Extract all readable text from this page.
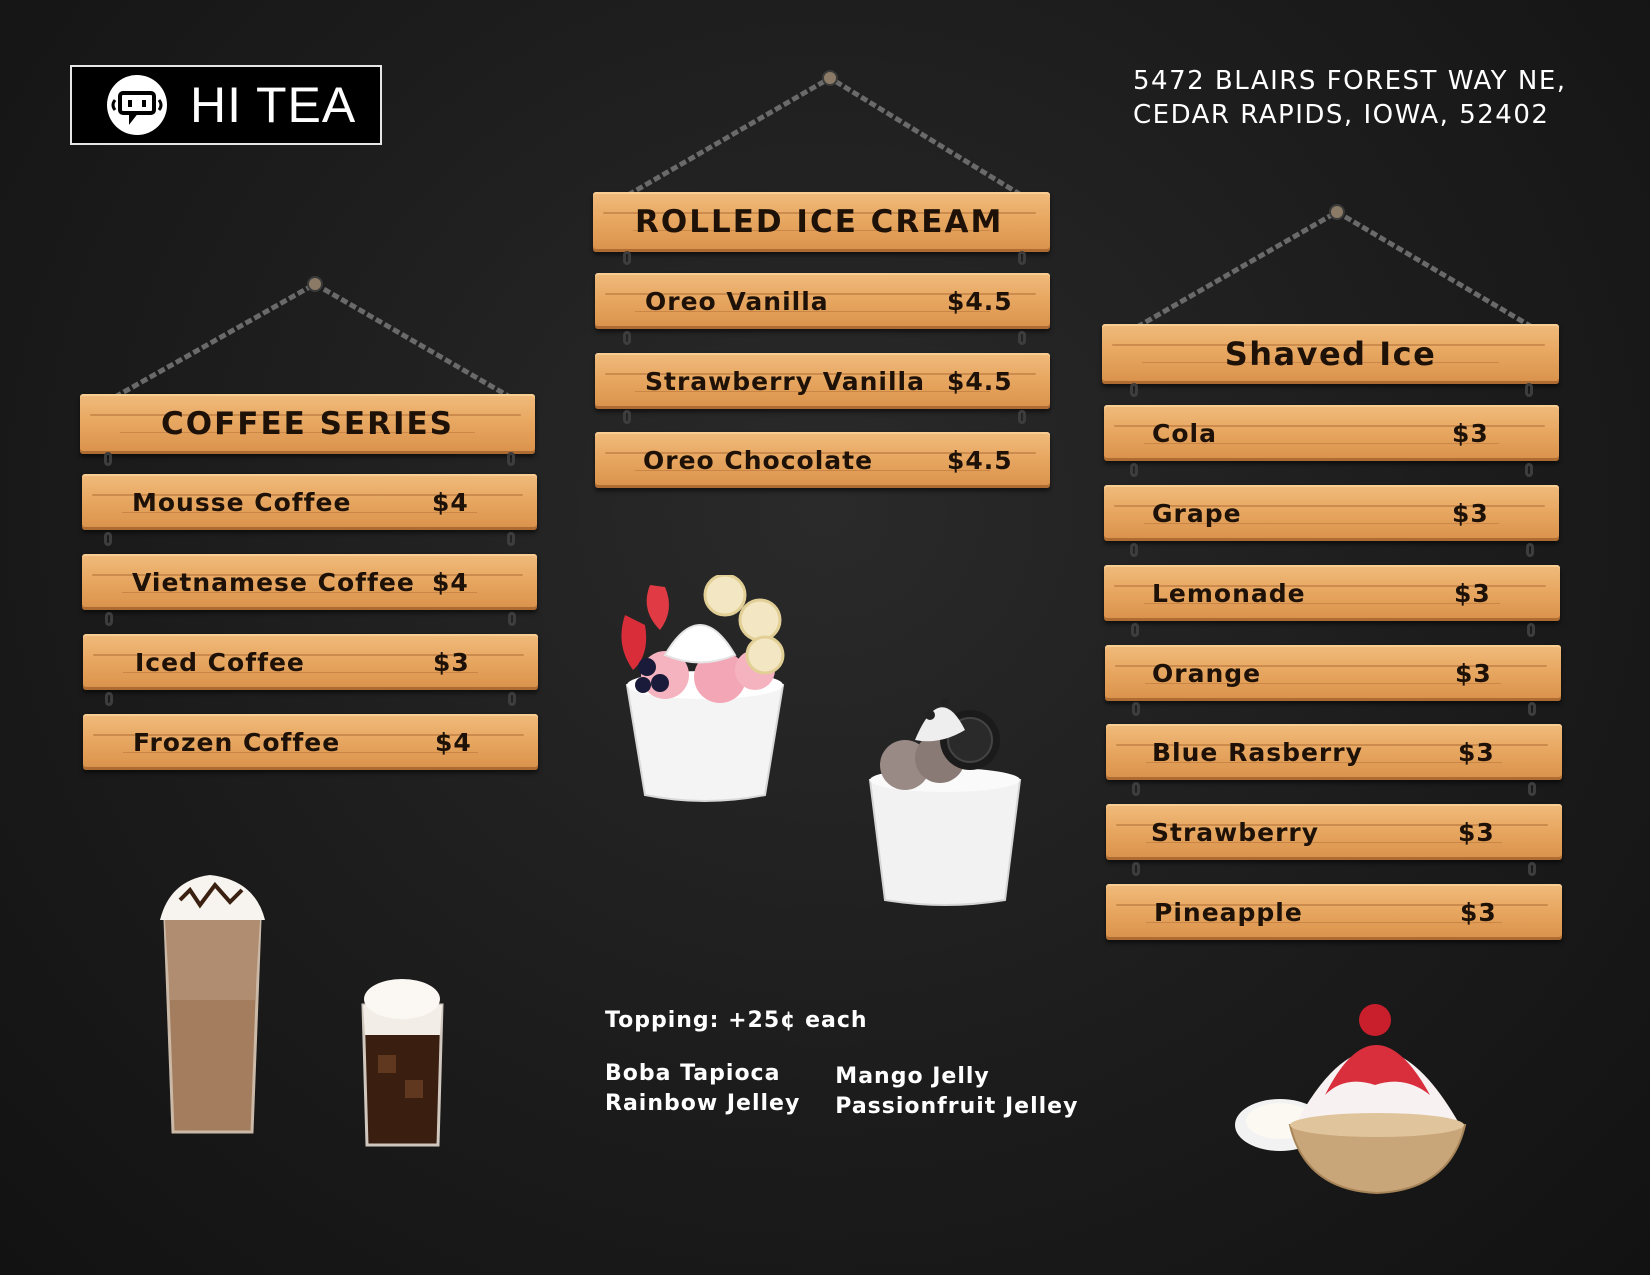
HI TEA	5472 BLAIRS FOREST WAY NE,
CEDAR RAPIDS, IOWA, 52402
COFFEE SERIES
Mousse Coffee	$4
Vietnamese Coffee $4
Iced Coffee	$3
Frozen Coffee	$4
ROLLED ICE CREAM
Oreo Vanilla	$4.5
Strawberry Vanilla $4.5
Oreo Chocolate	$4.5
Shaved Ice
Cola	$3
Grape	$3
Lemonade	$3
Orange	$3
Blue Rasberry	$3
Strawberry	$3
Pineapple	$3
Topping: +25¢ each
Boba Tapioca
Rainbow Jelley
Mango Jelly
Passionfruit Jelley
